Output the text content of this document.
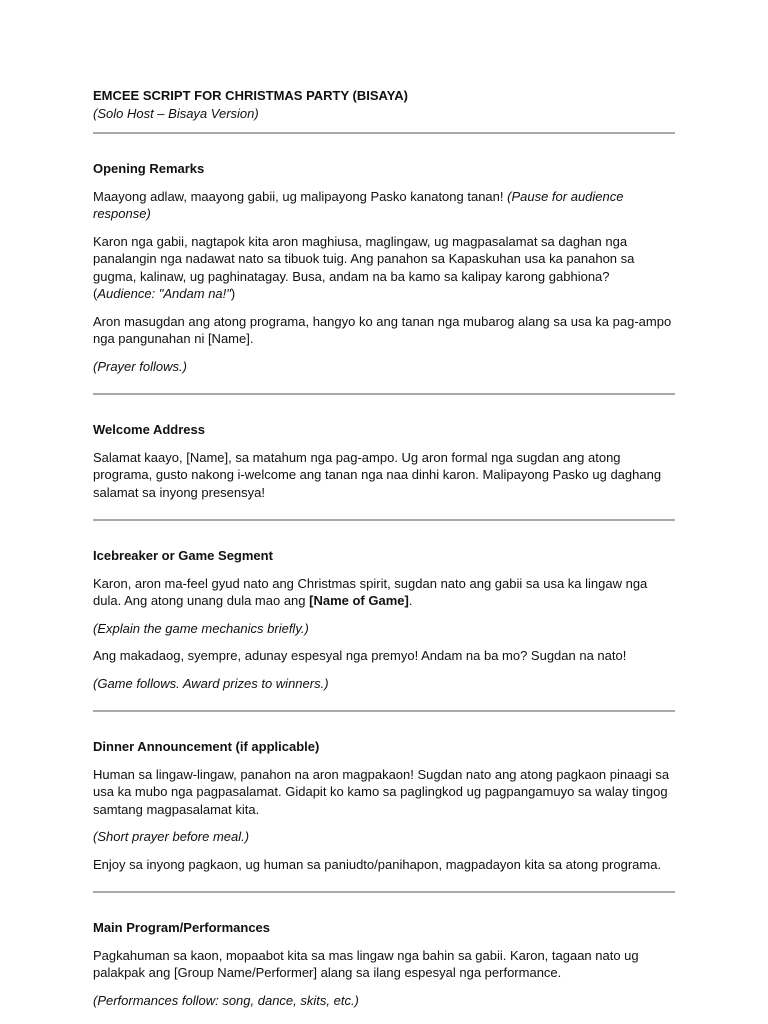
EMCEE SCRIPT FOR CHRISTMAS PARTY (BISAYA)

(Solo Host – Bisaya Version)

Opening Remarks

Maayong adlaw, maayong gabii, ug malipayong Pasko kanatong tanan! (Pause for audience response)

Karon nga gabii, nagtapok kita aron maghiusa, maglingaw, ug magpasalamat sa daghan nga panalangin nga nadawat nato sa tibuok tuig. Ang panahon sa Kapaskuhan usa ka panahon sa gugma, kalinaw, ug paghinatagay. Busa, andam na ba kamo sa kalipay karong gabhiona? (Audience: "Andam na!")

Aron masugdan ang atong programa, hangyo ko ang tanan nga mubarog alang sa usa ka pag-ampo nga pangunahan ni [Name].

(Prayer follows.)

Welcome Address

Salamat kaayo, [Name], sa matahum nga pag-ampo. Ug aron formal nga sugdan ang atong programa, gusto nakong i-welcome ang tanan nga naa dinhi karon. Malipayong Pasko ug daghang salamat sa inyong presensya!

Icebreaker or Game Segment

Karon, aron ma-feel gyud nato ang Christmas spirit, sugdan nato ang gabii sa usa ka lingaw nga dula. Ang atong unang dula mao ang [Name of Game].

(Explain the game mechanics briefly.)

Ang makadaog, syempre, adunay espesyal nga premyo! Andam na ba mo? Sugdan na nato!

(Game follows. Award prizes to winners.)

Dinner Announcement (if applicable)

Human sa lingaw-lingaw, panahon na aron magpakaon! Sugdan nato ang atong pagkaon pinaagi sa usa ka mubo nga pagpasalamat. Gidapit ko kamo sa paglingkod ug pagpangamuyo sa walay tingog samtang magpasalamat kita.

(Short prayer before meal.)

Enjoy sa inyong pagkaon, ug human sa paniudto/panihapon, magpadayon kita sa atong programa.

Main Program/Performances

Pagkahuman sa kaon, mopaabot kita sa mas lingaw nga bahin sa gabii. Karon, tagaan nato ug palakpak ang [Group Name/Performer] alang sa ilang espesyal nga performance.

(Performances follow: song, dance, skits, etc.)
